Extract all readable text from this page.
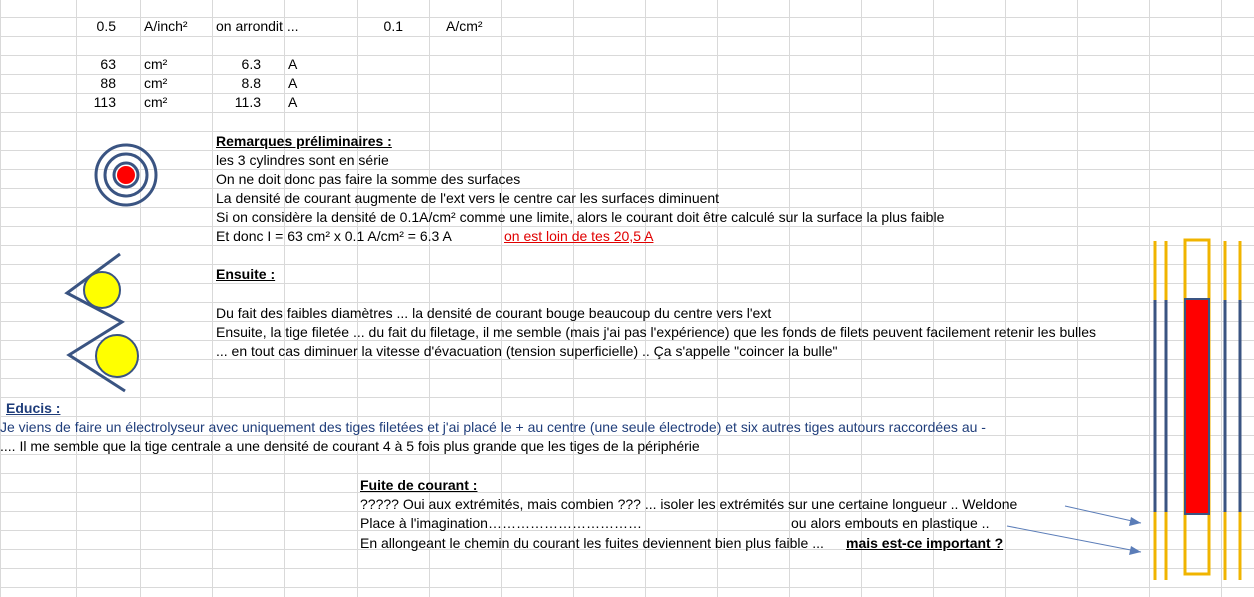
0.5 A/inch² on arrondit ...	0.1	A/cm²
63 cm²	6.3 A
88 cm²	8.8 A
113 cm²	11.3 A
Remarques préliminaires :
les 3 cylindres sont en série
On ne doit donc pas faire la somme des surfaces
La densité de courant augmente de l'ext vers le centre car les surfaces diminuent
Si on considère la densité de 0.1A/cm² comme une limite, alors le courant doit être calculé sur la surface la plus faible
Et donc I = 63 cm² x 0.1 A/cm² = 6.3 A	on est loin de tes 20,5 A
Ensuite :
Du fait des faibles diamètres ... la densité de courant bouge beaucoup du centre vers l'ext
Ensuite, la tige filetée ... du fait du filetage, il me semble (mais j'ai pas l'expérience) que les fonds de filets peuvent facilement retenir les bulles
... en tout cas diminuer la vitesse d'évacuation (tension superficielle) .. Ça s'appelle "coincer la bulle"
Educis :
Je viens de faire un électrolyseur avec uniquement des tiges filetées et j'ai placé le + au centre (une seule électrode) et six autres tiges autours raccordées au -
.... Il me semble que la tige centrale a une densité de courant 4 à 5 fois plus grande que les tiges de la périphérie
Fuite de courant :
????? Oui aux extrémités, mais combien ??? ... isoler les extrémités sur une certaine longueur .. Weldone
Place à l'imagination……………………………	ou alors embouts en plastique ..
En allongeant le chemin du courant les fuites deviennent bien plus faible ... mais est-ce important ?
